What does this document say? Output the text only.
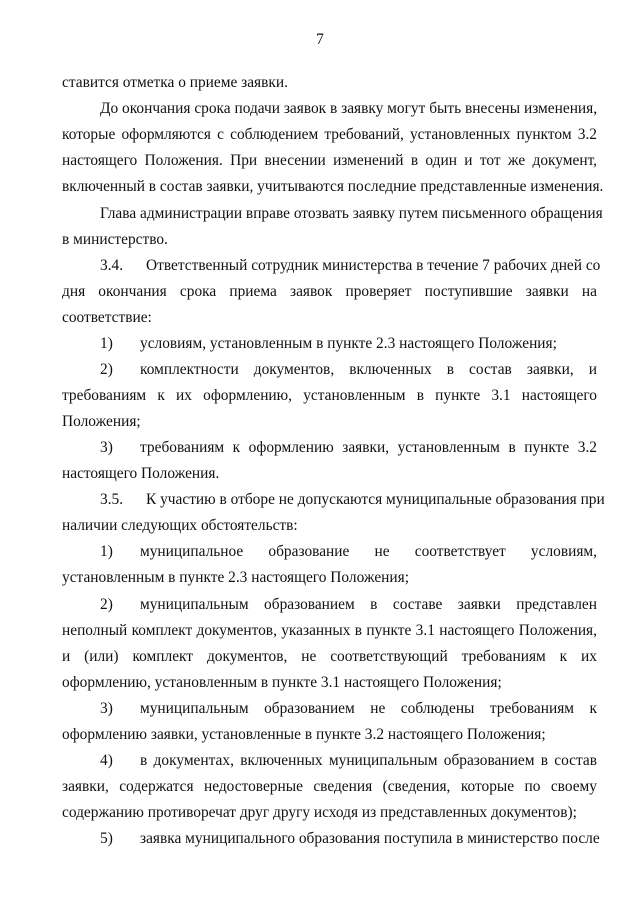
7
ставится отметка о приеме заявки.
До окончания срока подачи заявок в заявку могут быть внесены изменения,
которые оформляются с соблюдением требований, установленных пунктом 3.2
настоящего Положения. При внесении изменений в один и тот же документ,
включенный в состав заявки, учитываются последние представленные изменения.
Глава администрации вправе отозвать заявку путем письменного обращения
в министерство.
3.4. Ответственный сотрудник министерства в течение 7 рабочих дней со
дня окончания срока приема заявок проверяет поступившие заявки на
соответствие:
1) условиям, установленным в пункте 2.3 настоящего Положения;
2) комплектности документов, включенных в состав заявки, и
требованиям к их оформлению, установленным в пункте 3.1 настоящего
Положения;
3) требованиям к оформлению заявки, установленным в пункте 3.2
настоящего Положения.
3.5. К участию в отборе не допускаются муниципальные образования при
наличии следующих обстоятельств:
1) муниципальное образование не соответствует условиям,
установленным в пункте 2.3 настоящего Положения;
2) муниципальным образованием в составе заявки представлен
неполный комплект документов, указанных в пункте 3.1 настоящего Положения,
и (или) комплект документов, не соответствующий требованиям к их
оформлению, установленным в пункте 3.1 настоящего Положения;
3) муниципальным образованием не соблюдены требованиям к
оформлению заявки, установленные в пункте 3.2 настоящего Положения;
4) в документах, включенных муниципальным образованием в состав
заявки, содержатся недостоверные сведения (сведения, которые по своему
содержанию противоречат друг другу исходя из представленных документов);
5) заявка муниципального образования поступила в министерство после
